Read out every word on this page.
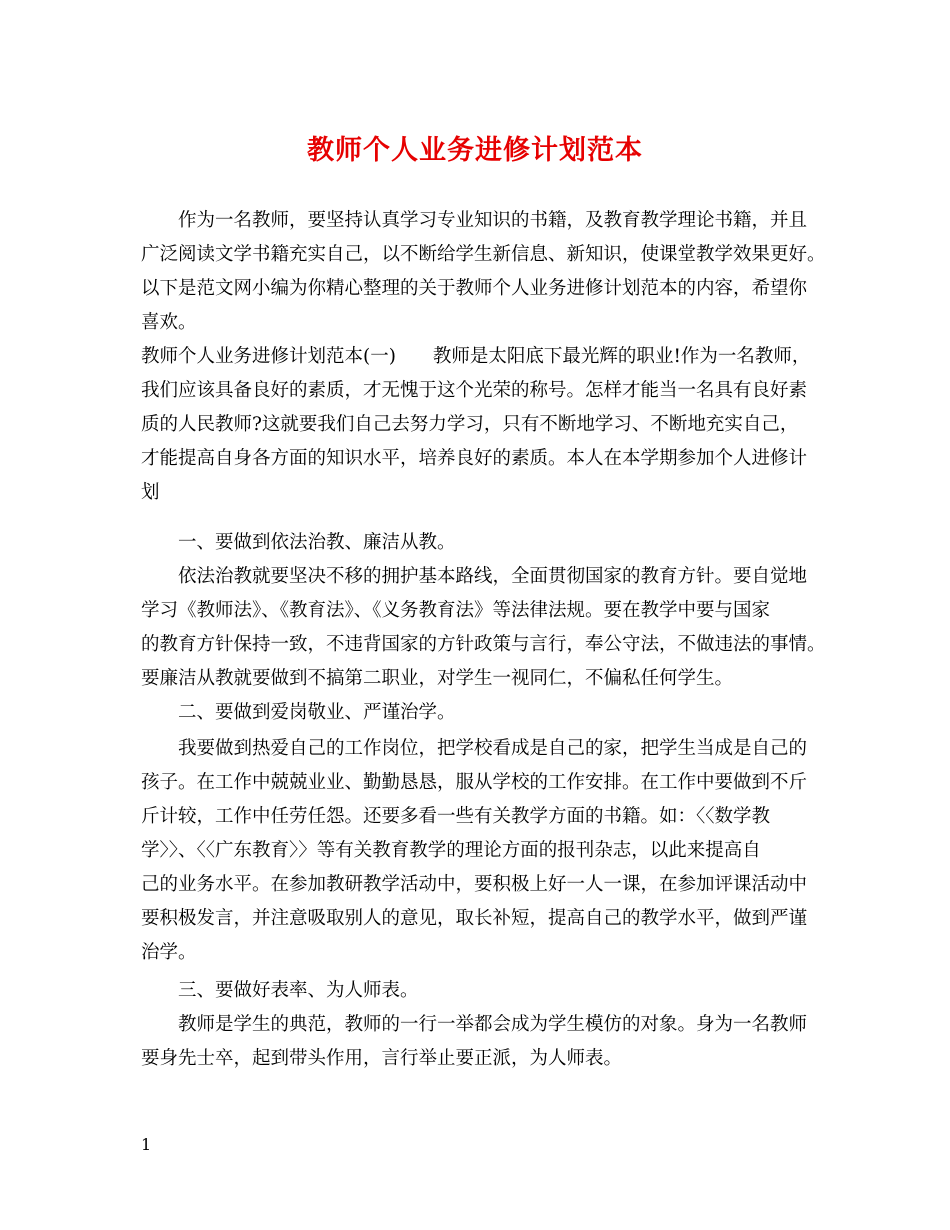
教师个人业务进修计划范本
　　作为一名教师，要坚持认真学习专业知识的书籍，及教育教学理论书籍，并且
广泛阅读文学书籍充实自己，以不断给学生新信息、新知识，使课堂教学效果更好。
以下是范文网小编为你精心整理的关于教师个人业务进修计划范本的内容，希望你
喜欢。
教师个人业务进修计划范本(一)　　教师是太阳底下最光辉的职业!作为一名教师，
我们应该具备良好的素质，才无愧于这个光荣的称号。怎样才能当一名具有良好素
质的人民教师?这就要我们自己去努力学习，只有不断地学习、不断地充实自己，
才能提高自身各方面的知识水平，培养良好的素质。本人在本学期参加个人进修计
划
　　一、要做到依法治教、廉洁从教。
　　依法治教就要坚决不移的拥护基本路线，全面贯彻国家的教育方针。要自觉地
学习《教师法》、《教育法》、《义务教育法》等法律法规。要在教学中要与国家
的教育方针保持一致，不违背国家的方针政策与言行，奉公守法，不做违法的事情。
要廉洁从教就要做到不搞第二职业，对学生一视同仁，不偏私任何学生。
　　二、要做到爱岗敬业、严谨治学。
　　我要做到热爱自己的工作岗位，把学校看成是自己的家，把学生当成是自己的
孩子。在工作中兢兢业业、勤勤恳恳，服从学校的工作安排。在工作中要做到不斤
斤计较，工作中任劳任怨。还要多看一些有关教学方面的书籍。如：〈〈数学教
学〉〉、〈〈广东教育〉〉等有关教育教学的理论方面的报刊杂志，以此来提高自
己的业务水平。在参加教研教学活动中，要积极上好一人一课，在参加评课活动中
要积极发言，并注意吸取别人的意见，取长补短，提高自己的教学水平，做到严谨
治学。
　　三、要做好表率、为人师表。
　　教师是学生的典范，教师的一行一举都会成为学生模仿的对象。身为一名教师
要身先士卒，起到带头作用，言行举止要正派，为人师表。
1
